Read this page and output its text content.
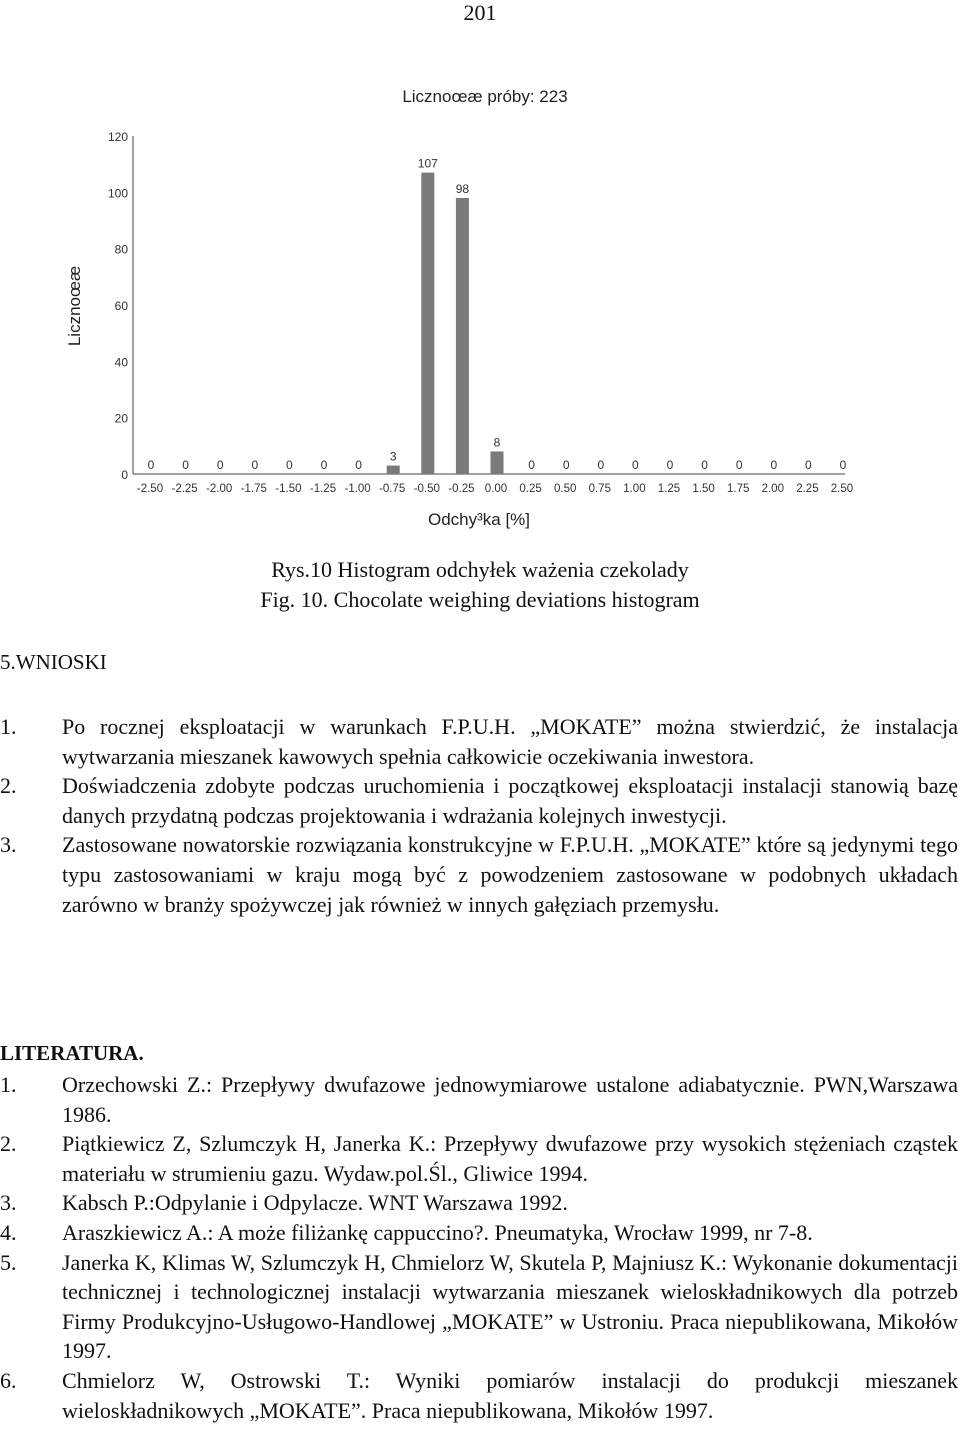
201
Licznoœæ próby: 223
Licznoœæ
Odchy³ka [%]
0
20
40
60
80
100
120
-2.50 -2.25 -2.00 -1.75 -1.50 -1.25 -1.00 -0.75 -0.50 -0.25 0.00 0.25 0.50 0.75 1.00 1.25 1.50 1.75 2.00 2.25 2.50
0 0 0 0 0 0 0
3
107
98
8
0 0 0 0 0 0 0 0 0 0
Rys.10 Histogram odchyłek ważenia czekolady
Fig. 10. Chocolate weighing deviations histogram
5.WNIOSKI
1. Po rocznej eksploatacji w warunkach F.P.U.H. „MOKATE” można stwierdzić, że instalacja wytwarzania mieszanek kawowych spełnia całkowicie oczekiwania inwestora.
2. Doświadczenia zdobyte podczas uruchomienia i początkowej eksploatacji instalacji stanowią bazę danych przydatną podczas projektowania i wdrażania kolejnych inwestycji.
3. Zastosowane nowatorskie rozwiązania konstrukcyjne w F.P.U.H. „MOKATE” które są jedynymi tego typu zastosowaniami w kraju mogą być z powodzeniem zastosowane w podobnych układach zarówno w branży spożywczej jak również w innych gałęziach przemysłu.
LITERATURA.
1. Orzechowski Z.: Przepływy dwufazowe jednowymiarowe ustalone adiabatycznie. PWN,Warszawa 1986.
2. Piątkiewicz Z, Szlumczyk H, Janerka K.: Przepływy dwufazowe przy wysokich stężeniach cząstek materiału w strumieniu gazu. Wydaw.pol.Śl., Gliwice 1994.
3. Kabsch P.:Odpylanie i Odpylacze. WNT Warszawa 1992.
4. Araszkiewicz A.: A może filiżankę cappuccino?. Pneumatyka, Wrocław 1999, nr 7-8.
5. Janerka K, Klimas W, Szlumczyk H, Chmielorz W, Skutela P, Majniusz K.: Wykonanie dokumentacji technicznej i technologicznej instalacji wytwarzania mieszanek wieloskładnikowych dla potrzeb Firmy Produkcyjno-Usługowo-Handlowej „MOKATE” w Ustroniu. Praca niepublikowana, Mikołów 1997.
6. Chmielorz W, Ostrowski T.: Wyniki pomiarów instalacji do produkcji mieszanek wieloskładnikowych „MOKATE”. Praca niepublikowana, Mikołów 1997.
